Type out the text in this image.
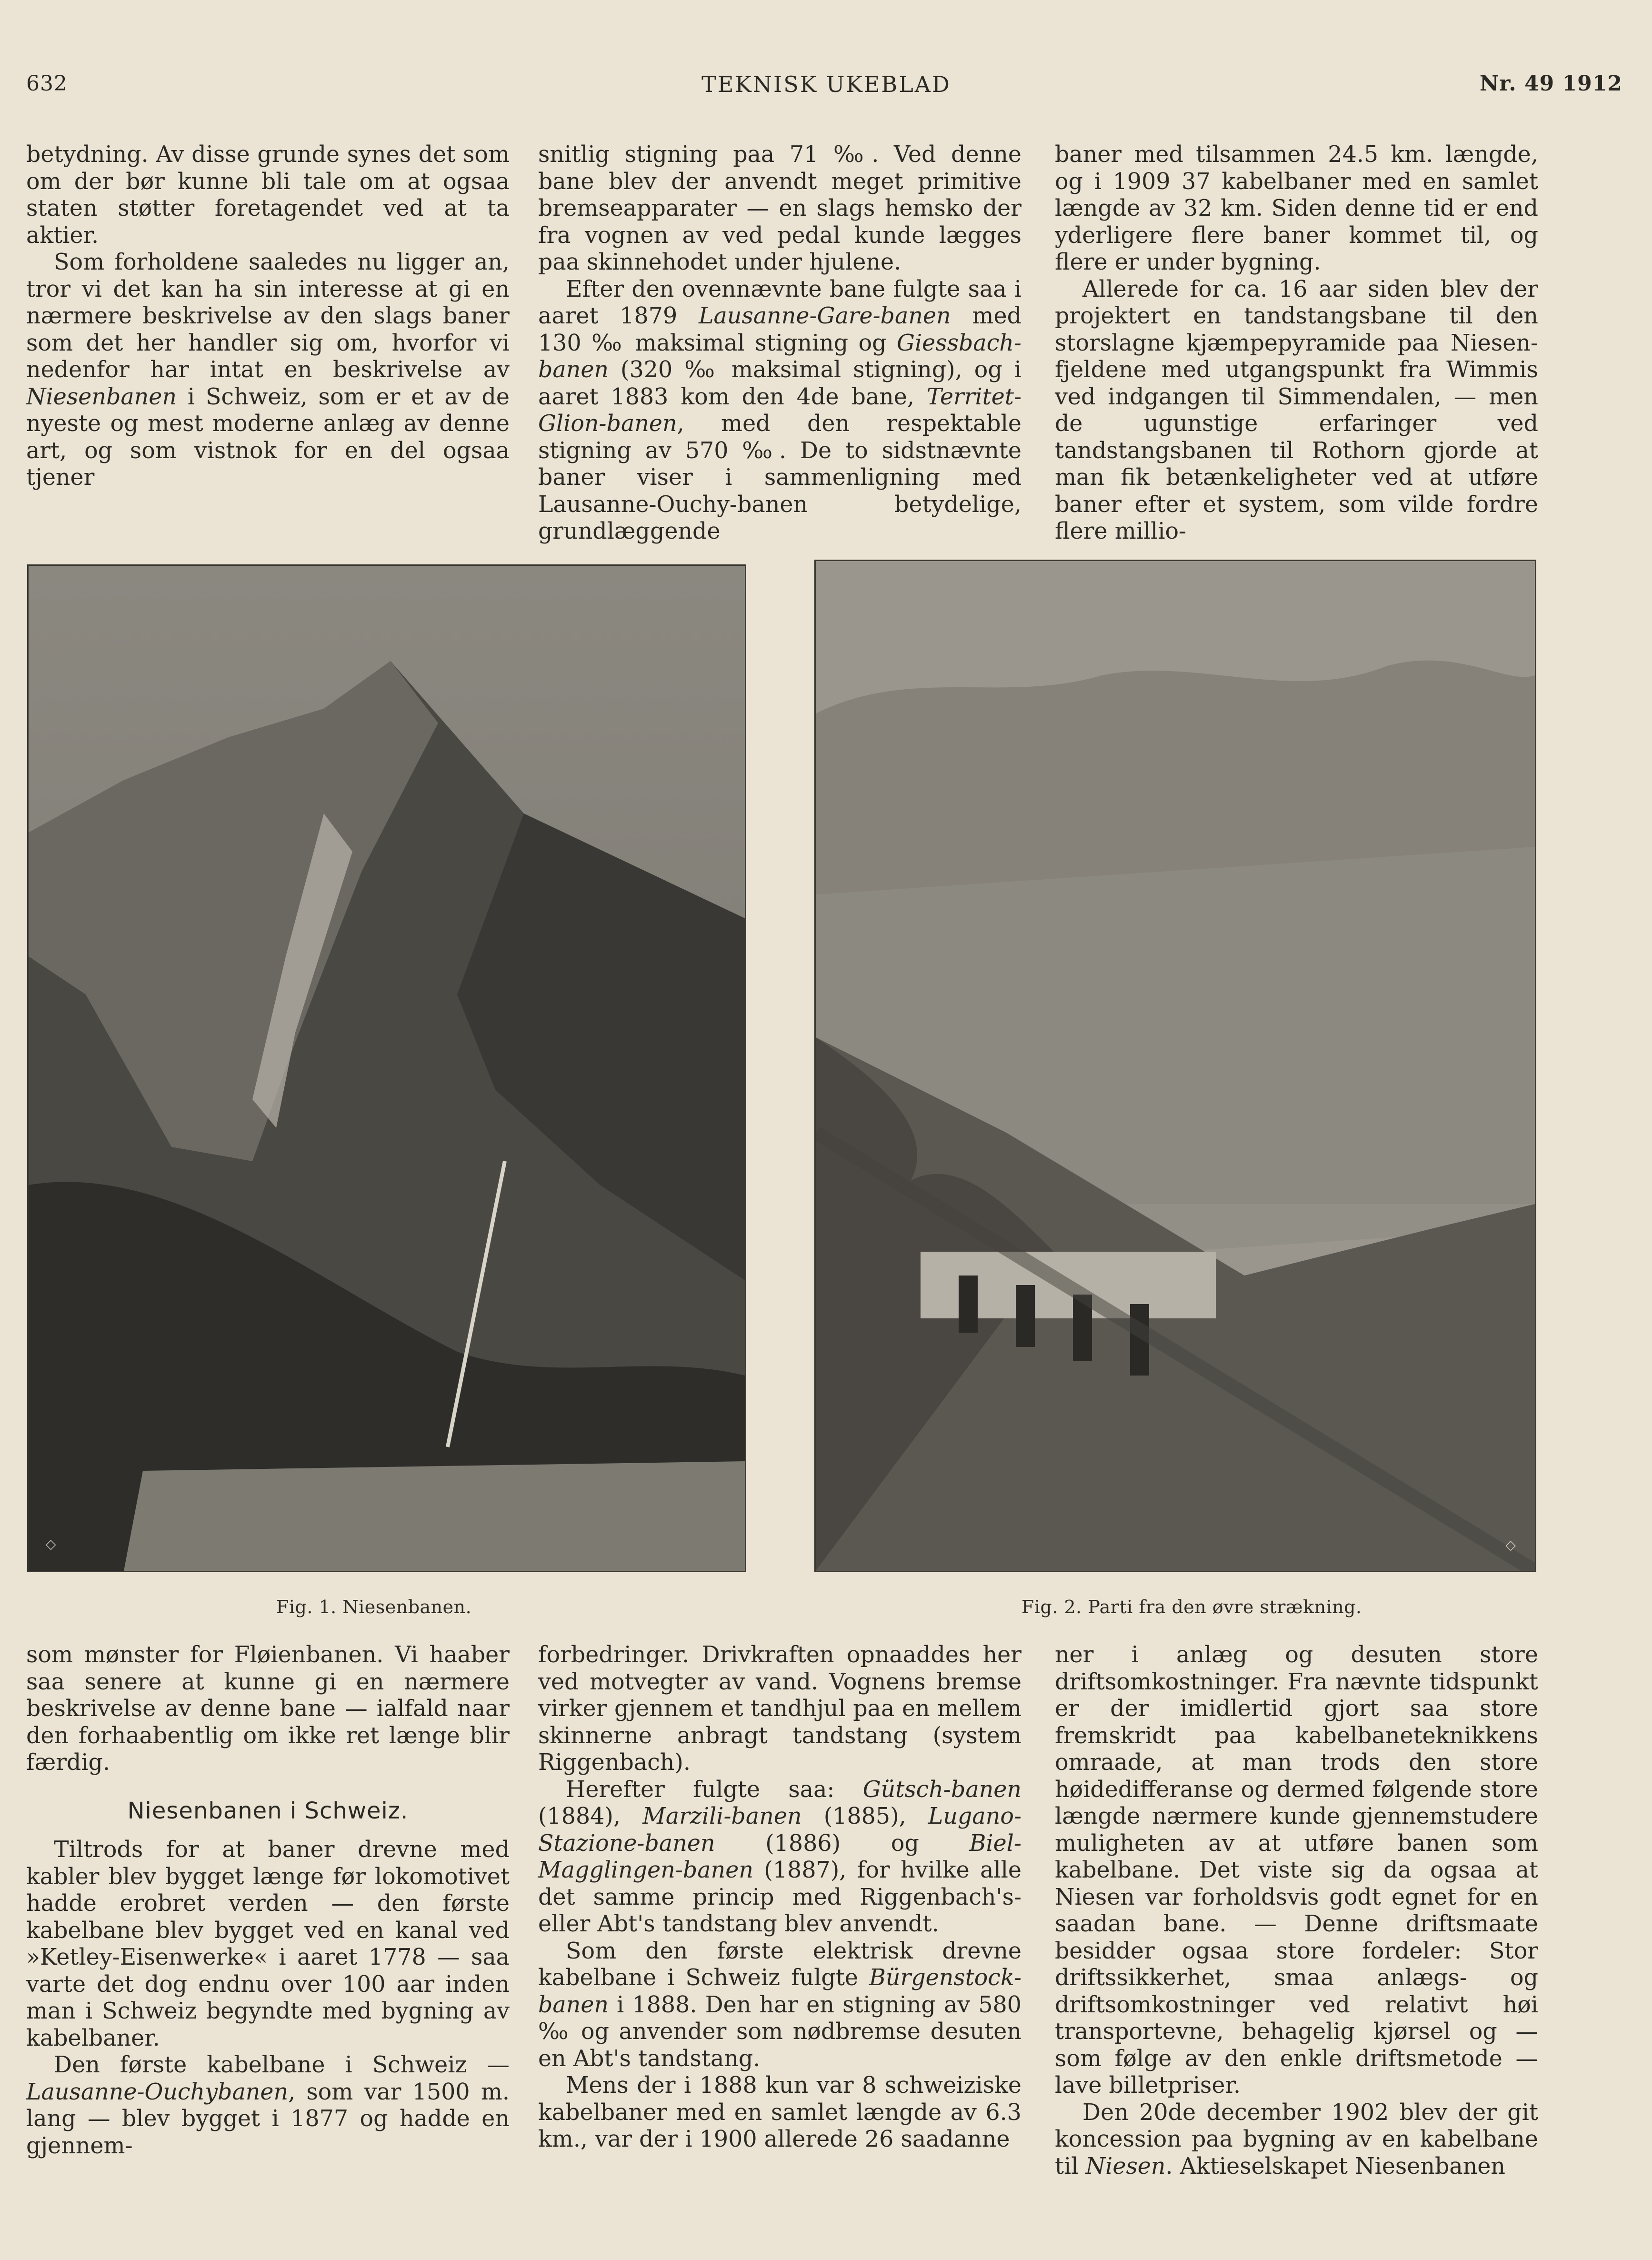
632	TEKNISK UKEBLAD	Nr. 49 1912

betydning. Av disse grunde synes det som om der bør kunne bli tale om at ogsaa staten støtter foretagendet ved at ta aktier.

Som forholdene saaledes nu ligger an, tror vi det kan ha sin interesse at gi en nærmere beskrivelse av den slags baner som det her handler sig om, hvorfor vi nedenfor har intat en beskrivelse av Niesenbanen i Schweiz, som er et av de nyeste og mest moderne anlæg av denne art, og som vistnok for en del ogsaa tjener

snitlig stigning paa 71 ‰. Ved denne bane blev der anvendt meget primitive bremseapparater — en slags hemsko der fra vognen av ved pedal kunde lægges paa skinnehodet under hjulene.

Efter den ovennævnte bane fulgte saa i aaret 1879 Lausanne-Gare-banen med 130 ‰ maksimal stigning og Giessbach-banen (320 ‰ maksimal stigning), og i aaret 1883 kom den 4de bane, Territet-Glion-banen, med den respektable stigning av 570 ‰. De to sidstnævnte baner viser i sammenligning med Lausanne-Ouchy-banen betydelige, grundlæggende

baner med tilsammen 24.5 km. længde, og i 1909 37 kabelbaner med en samlet længde av 32 km. Siden denne tid er end yderligere flere baner kommet til, og flere er under bygning.

Allerede for ca. 16 aar siden blev der projektert en tandstangsbane til den storslagne kjæmpepyramide paa Niesen-fjeldene med utgangspunkt fra Wimmis ved indgangen til Simmendalen, — men de ugunstige erfaringer ved tandstangsbanen til Rothorn gjorde at man fik betænkeligheter ved at utføre baner efter et system, som vilde fordre flere millio-

◇	◇
Fig. 1. Niesenbanen.	Fig. 2. Parti fra den øvre strækning.

som mønster for Fløienbanen. Vi haaber saa senere at kunne gi en nærmere beskrivelse av denne bane — ialfald naar den forhaabentlig om ikke ret længe blir færdig.

Niesenbanen i Schweiz.

Tiltrods for at baner drevne med kabler blev bygget længe før lokomotivet hadde erobret verden — den første kabelbane blev bygget ved en kanal ved »Ketley-Eisenwerke« i aaret 1778 — saa varte det dog endnu over 100 aar inden man i Schweiz begyndte med bygning av kabelbaner.

Den første kabelbane i Schweiz — Lausanne-Ouchybanen, som var 1500 m. lang — blev bygget i 1877 og hadde en gjennem-

forbedringer. Drivkraften opnaaddes her ved motvegter av vand. Vognens bremse virker gjennem et tandhjul paa en mellem skinnerne anbragt tandstang (system Riggenbach).

Herefter fulgte saa: Gütsch-banen (1884), Marzili-banen (1885), Lugano-Stazione-banen (1886) og Biel-Magglingen-banen (1887), for hvilke alle det samme princip med Riggenbach's- eller Abt's tandstang blev anvendt.

Som den første elektrisk drevne kabelbane i Schweiz fulgte Bürgenstock-banen i 1888. Den har en stigning av 580 ‰ og anvender som nødbremse desuten en Abt's tandstang.

Mens der i 1888 kun var 8 schweiziske kabelbaner med en samlet længde av 6.3 km., var der i 1900 allerede 26 saadanne

ner i anlæg og desuten store driftsomkostninger. Fra nævnte tidspunkt er der imidlertid gjort saa store fremskridt paa kabelbaneteknikkens omraade, at man trods den store høidedifferanse og dermed følgende store længde nærmere kunde gjennemstudere muligheten av at utføre banen som kabelbane. Det viste sig da ogsaa at Niesen var forholdsvis godt egnet for en saadan bane. — Denne driftsmaate besidder ogsaa store fordeler: Stor driftssikkerhet, smaa anlægs- og driftsomkostninger ved relativt høi transportevne, behagelig kjørsel og — som følge av den enkle driftsmetode — lave billetpriser.

Den 20de december 1902 blev der git koncession paa bygning av en kabelbane til Niesen. Aktieselskapet Niesenbanen
